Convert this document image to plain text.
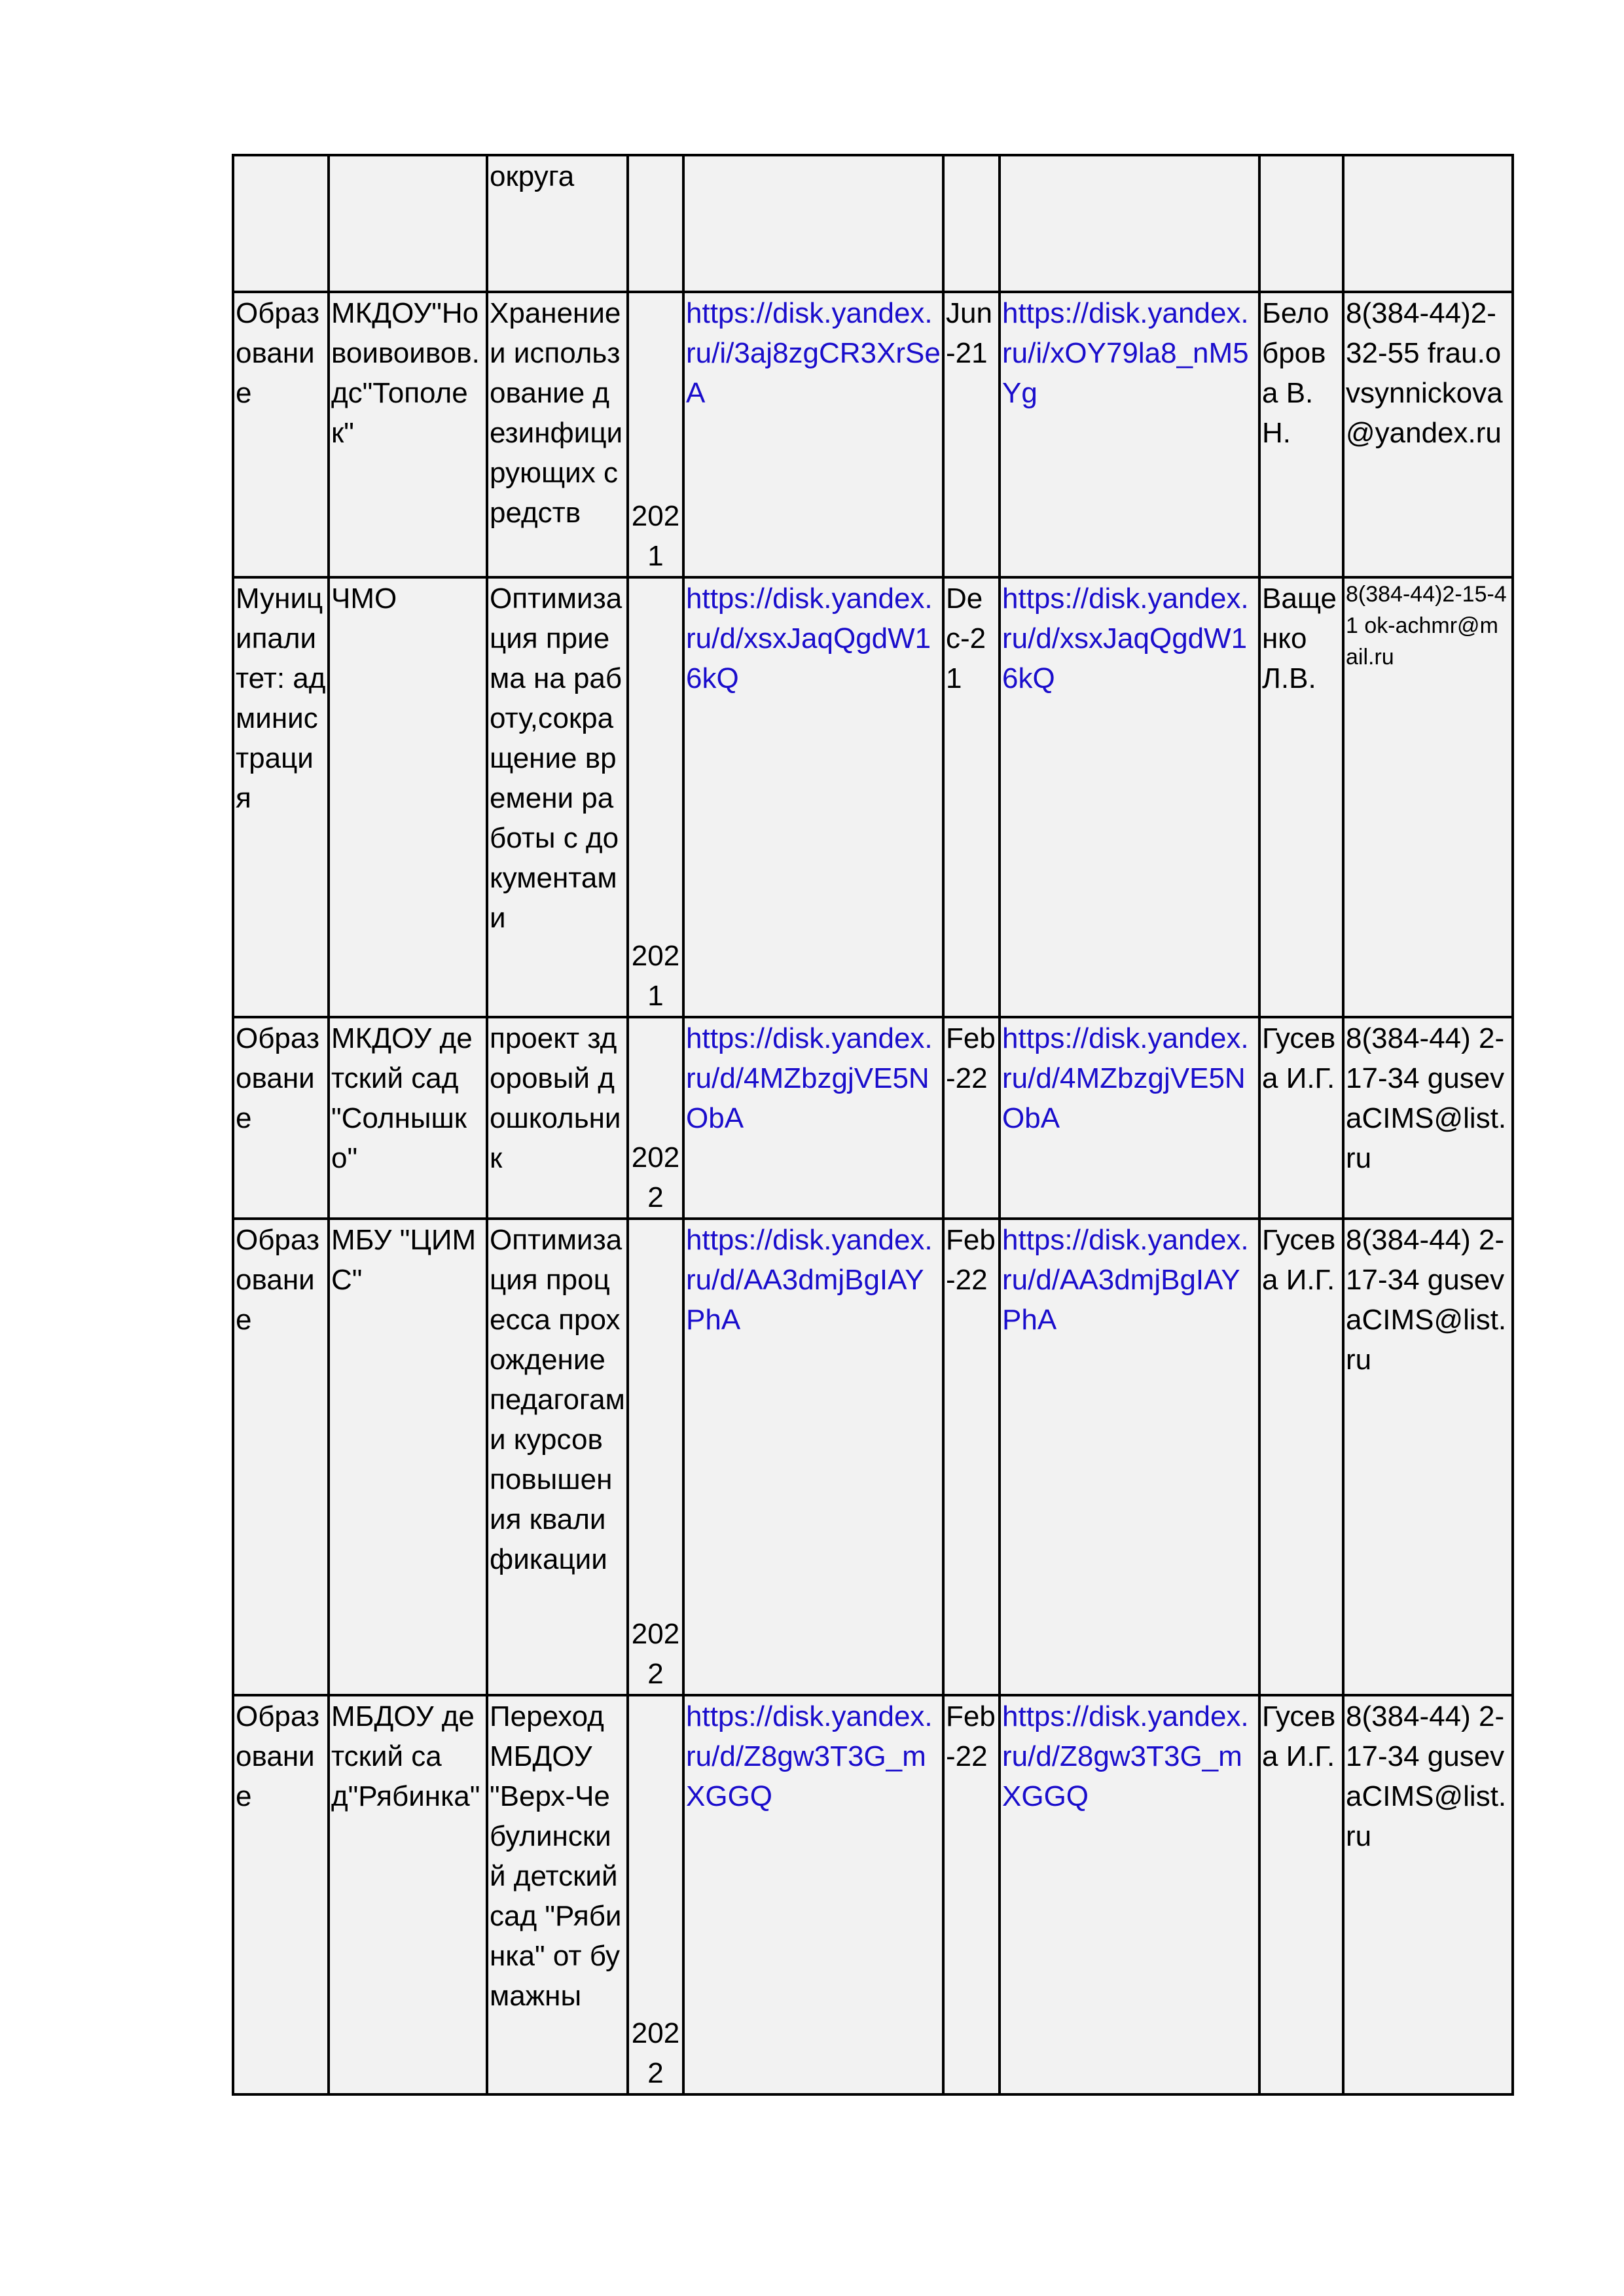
		округа						
Образование	МКДОУ"Новоивоивов.дс"Тополек"	Хранение и использование дезинфицирующих средств	2021	https://disk.yandex.ru/i/3aj8zgCR3XrSeA	Jun-21	https://disk.yandex.ru/i/xOY79la8_nM5Yg	Белоброва В.Н.	8(384-44)2-32-55 frau.ovsynnickova@yandex.ru
Муниципалитет: администрация	ЧМО	Оптимизация приема на работу,сокращение времени работы с документами	2021	https://disk.yandex.ru/d/xsxJaqQgdW16kQ	Dec-21	https://disk.yandex.ru/d/xsxJaqQgdW16kQ	Ващенко Л.В.	8(384-44)2-15-41 ok-achmr@mail.ru
Образование	МКДОУ детский сад "Солнышко"	проект здоровый дошкольник	2022	https://disk.yandex.ru/d/4MZbzgjVE5NObA	Feb-22	https://disk.yandex.ru/d/4MZbzgjVE5NObA	Гусева И.Г.	8(384-44) 2-17-34 gusevaCIMS@list.ru
Образование	МБУ "ЦИМС"	Оптимизация процесса прохождение педагогами курсов повышения квалификации	2022	https://disk.yandex.ru/d/AA3dmjBgIAYPhA	Feb-22	https://disk.yandex.ru/d/AA3dmjBgIAYPhA	Гусева И.Г.	8(384-44) 2-17-34 gusevaCIMS@list.ru
Образование	МБДОУ детский сад"Рябинка"	Переход МБДОУ "Верх-Чебулинский детский сад "Рябинка" от бумажны	2022	https://disk.yandex.ru/d/Z8gw3T3G_mXGGQ	Feb-22	https://disk.yandex.ru/d/Z8gw3T3G_mXGGQ	Гусева И.Г.	8(384-44) 2-17-34 gusevaCIMS@list.ru
